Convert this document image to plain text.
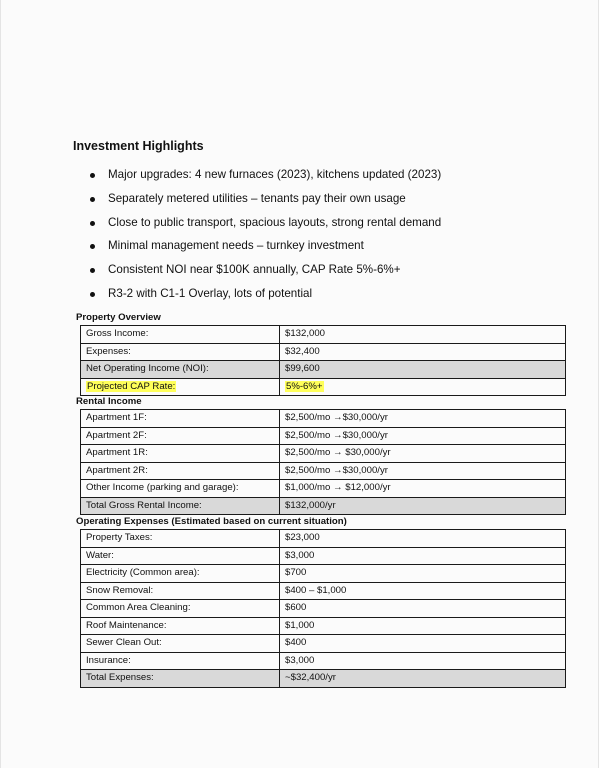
Investment Highlights
Major upgrades: 4 new furnaces (2023), kitchens updated (2023)
Separately metered utilities – tenants pay their own usage
Close to public transport, spacious layouts, strong rental demand
Minimal management needs – turnkey investment
Consistent NOI near $100K annually, CAP Rate 5%-6%+
R3-2 with C1-1 Overlay, lots of potential
Property Overview
Gross Income:	$132,000
Expenses:	$32,400
Net Operating Income (NOI):	$99,600
Projected CAP Rate:	5%-6%+
Rental Income
Apartment 1F:	$2,500/mo →$30,000/yr
Apartment 2F:	$2,500/mo →$30,000/yr
Apartment 1R:	$2,500/mo → $30,000/yr
Apartment 2R:	$2,500/mo →$30,000/yr
Other Income (parking and garage):	$1,000/mo → $12,000/yr
Total Gross Rental Income:	$132,000/yr
Operating Expenses (Estimated based on current situation)
Property Taxes:	$23,000
Water:	$3,000
Electricity (Common area):	$700
Snow Removal:	$400 – $1,000
Common Area Cleaning:	$600
Roof Maintenance:	$1,000
Sewer Clean Out:	$400
Insurance:	$3,000
Total Expenses:	~$32,400/yr
